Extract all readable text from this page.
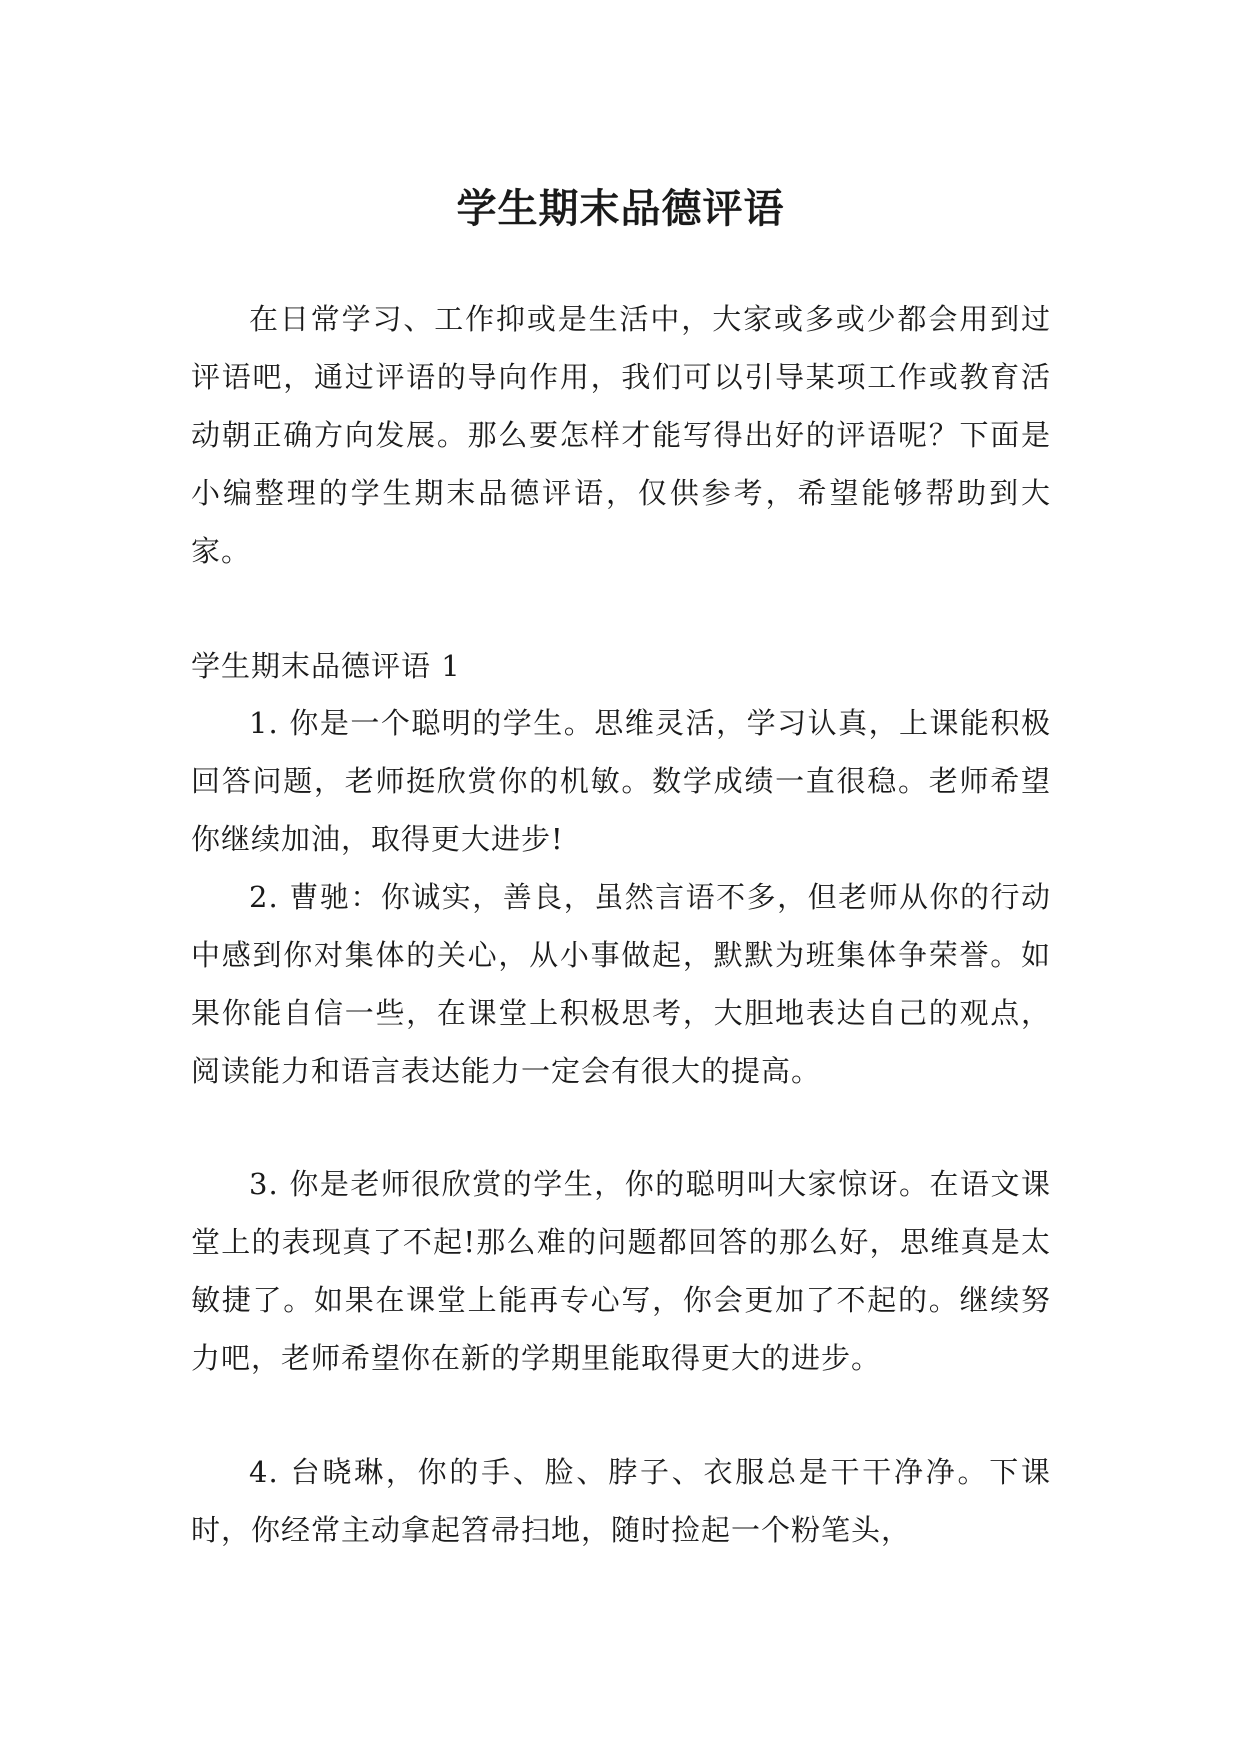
学生期末品德评语

在日常学习、工作抑或是生活中，大家或多或少都会用到过评语吧，通过评语的导向作用，我们可以引导某项工作或教育活动朝正确方向发展。那么要怎样才能写得出好的评语呢？下面是小编整理的学生期末品德评语，仅供参考，希望能够帮助到大家。

学生期末品德评语 1

1. 你是一个聪明的学生。思维灵活，学习认真，上课能积极回答问题，老师挺欣赏你的机敏。数学成绩一直很稳。老师希望你继续加油，取得更大进步!

2. 曹驰：你诚实，善良，虽然言语不多，但老师从你的行动中感到你对集体的关心，从小事做起，默默为班集体争荣誉。如果你能自信一些，在课堂上积极思考，大胆地表达自己的观点，阅读能力和语言表达能力一定会有很大的提高。

3. 你是老师很欣赏的学生，你的聪明叫大家惊讶。在语文课堂上的表现真了不起!那么难的问题都回答的那么好，思维真是太敏捷了。如果在课堂上能再专心写，你会更加了不起的。继续努力吧，老师希望你在新的学期里能取得更大的进步。

4. 台晓琳，你的手、脸、脖子、衣服总是干干净净。下课时，你经常主动拿起笤帚扫地，随时捡起一个粉笔头，
